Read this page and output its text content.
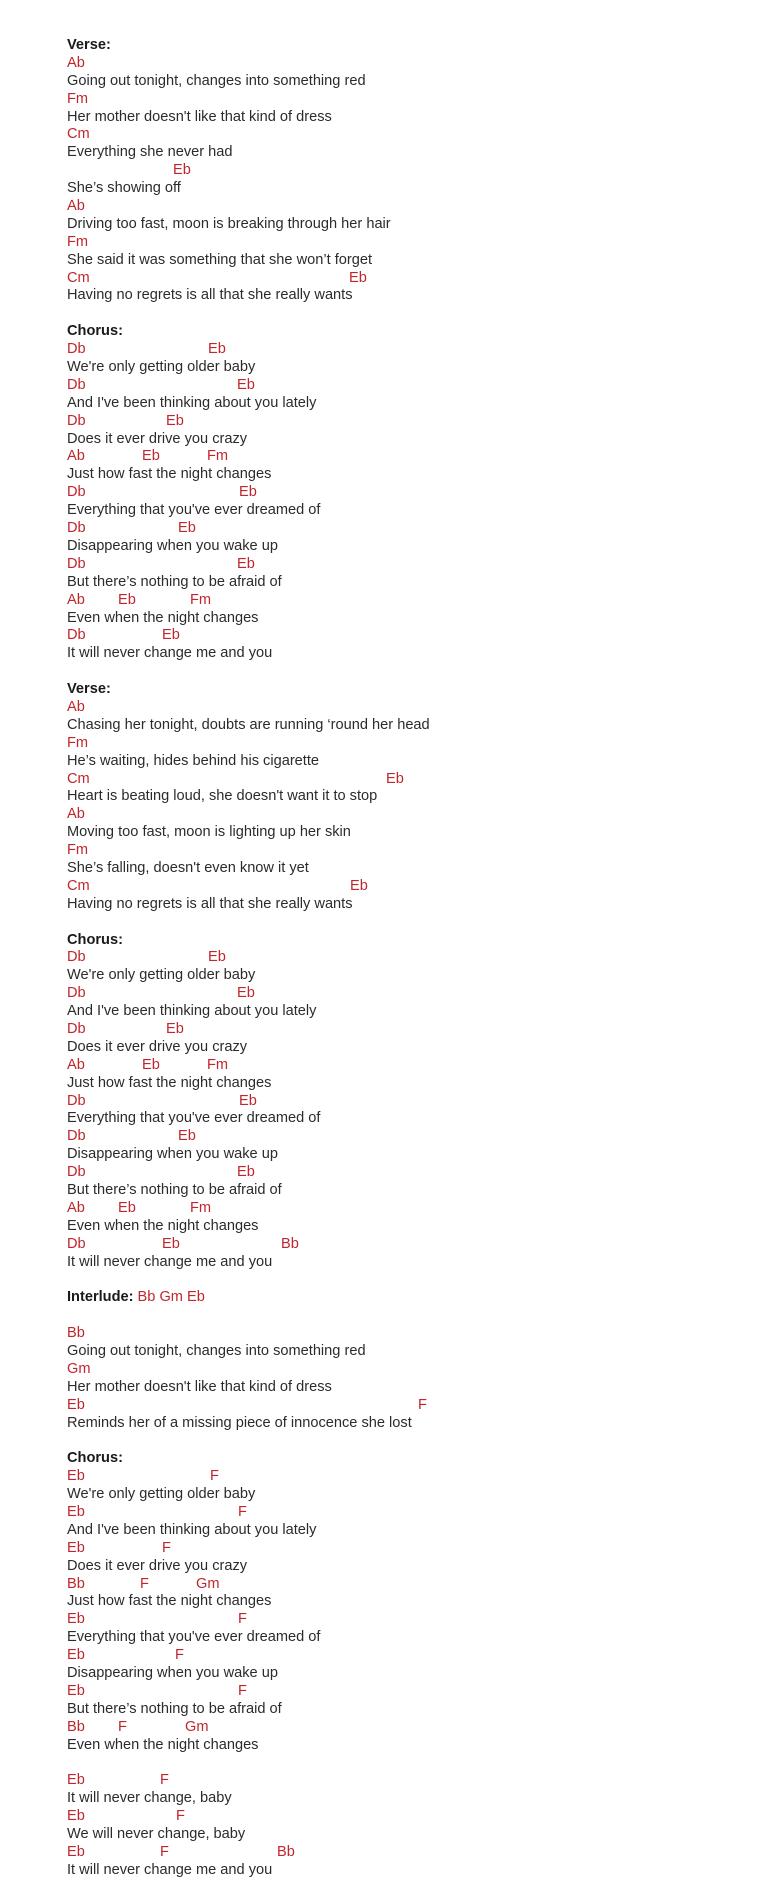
Verse:
Ab
Going out tonight, changes into something red
Fm
Her mother doesn't like that kind of dress
Cm
Everything she never had
Eb
She’s showing off
Ab
Driving too fast, moon is breaking through her hair
Fm
She said it was something that she won’t forget
Cm	Eb
Having no regrets is all that she really wants
Chorus:
Db	Eb
We're only getting older baby
Db	Eb
And I've been thinking about you lately
Db	Eb
Does it ever drive you crazy
Ab	Eb	Fm
Just how fast the night changes
Db	Eb
Everything that you've ever dreamed of
Db	Eb
Disappearing when you wake up
Db	Eb
But there’s nothing to be afraid of
Ab Eb	Fm
Even when the night changes
Db	Eb
It will never change me and you
Verse:
Ab
Chasing her tonight, doubts are running ‘round her head
Fm
He’s waiting, hides behind his cigarette
Cm	Eb
Heart is beating loud, she doesn't want it to stop
Ab
Moving too fast, moon is lighting up her skin
Fm
She’s falling, doesn't even know it yet
Cm	Eb
Having no regrets is all that she really wants
Chorus:
Db	Eb
We're only getting older baby
Db	Eb
And I've been thinking about you lately
Db	Eb
Does it ever drive you crazy
Ab	Eb	Fm
Just how fast the night changes
Db	Eb
Everything that you've ever dreamed of
Db	Eb
Disappearing when you wake up
Db	Eb
But there’s nothing to be afraid of
Ab Eb	Fm
Even when the night changes
Db	Eb	Bb
It will never change me and you
Interlude: Bb Gm Eb
Bb
Going out tonight, changes into something red
Gm
Her mother doesn't like that kind of dress
Eb	F
Reminds her of a missing piece of innocence she lost
Chorus:
Eb	F
We're only getting older baby
Eb	F
And I've been thinking about you lately
Eb	F
Does it ever drive you crazy
Bb	F	Gm
Just how fast the night changes
Eb	F
Everything that you've ever dreamed of
Eb	F
Disappearing when you wake up
Eb	F
But there’s nothing to be afraid of
Bb F	Gm
Even when the night changes
Eb	F
It will never change, baby
Eb	F
We will never change, baby
Eb	F	Bb
It will never change me and you
